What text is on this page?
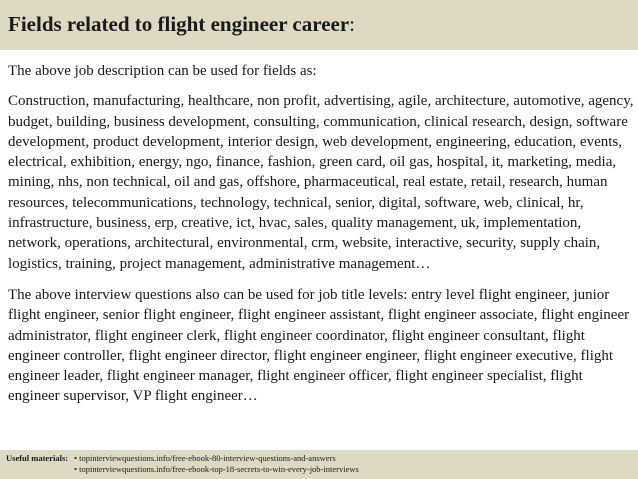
Fields related to flight engineer career:

The above job description can be used for fields as:

Construction, manufacturing, healthcare, non profit, advertising, agile, architecture, automotive, agency, budget, building, business development, consulting, communication, clinical research, design, software development, product development, interior design, web development, engineering, education, events, electrical, exhibition, energy, ngo, finance, fashion, green card, oil gas, hospital, it, marketing, media, mining, nhs, non technical, oil and gas, offshore, pharmaceutical, real estate, retail, research, human resources, telecommunications, technology, technical, senior, digital, software, web, clinical, hr, infrastructure, business, erp, creative, ict, hvac, sales, quality management, uk, implementation, network, operations, architectural, environmental, crm, website, interactive, security, supply chain, logistics, training, project management, administrative management…

The above interview questions also can be used for job title levels: entry level flight engineer, junior flight engineer, senior flight engineer, flight engineer assistant, flight engineer associate, flight engineer administrator, flight engineer clerk, flight engineer coordinator, flight engineer consultant, flight engineer controller, flight engineer director, flight engineer engineer, flight engineer executive, flight engineer leader, flight engineer manager, flight engineer officer, flight engineer specialist, flight engineer supervisor, VP flight engineer…

Useful materials: • topinterviewquestions.info/free-ebook-80-interview-questions-and-answers
• topinterviewquestions.info/free-ebook-top-18-secrets-to-win-every-job-interviews
